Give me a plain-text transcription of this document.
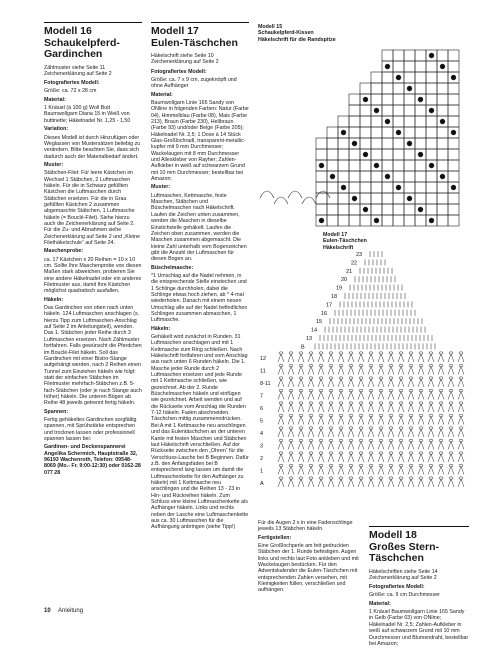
Modell 16
Schaukelpferd-Gardinchen
Zählmuster siehe Seite 11
Zeichenerklärung auf Seite 2

Fotografiertes Modell:

Größe: ca. 72 x 28 cm

Material:

1 Knäuel (à 100 g) Woll Butt Baumwollgarn Diana 15 in Weiß von buttinette; Häkelnadel Nr. 1,25 - 1,50

Variation:

Dieses Modell ist durch Hinzufügen oder Weglassen von Mustersätzen beliebig zu verändern. Bitte beachten Sie, dass sich dadurch auch der Materialbedarf ändert.

Muster:

Stäbchen-Filet: Für leere Kästchen im Wechsel 1 Stäbchen, 2 Luftmaschen häkeln. Für die in Schwarz gefüllten Kästchen die Luftmaschen durch Stäbchen ersetzen. Für die in Grau gefüllten Kästchen 2 zusammen abgemaschte Stäbchen, 1 Luftmasche häkeln (= Bouclé-Filet). Siehe hierzu auch die Zeichenerklärung auf Seite 2. Für die Zu- und Abnahmen siehe Zeichenerklärung auf Seite 2 und „Kleine Filethäkelschule“ auf Seite 24.

Maschenprobe:

ca. 17 Kästchen x 20 Reihen = 10 x 10 cm. Sollte Ihre Maschenprobe von diesen Maßen stark abweichen, probieren Sie eine andere Häkelnadel oder ein anderes Filetmuster aus, damit Ihre Kästchen möglichst quadratisch ausfallen.

Häkeln:

Das Gardinchen von oben nach unten häkeln. 124 Luftmaschen anschlagen (s. hierzu Tipp zum Luftmaschen-Anschlag auf Seite 2 im Anleitungsteil), wenden. Das 1. Stäbchen jeder Reihe durch 3 Luftmaschen ersetzen. Nach Zählmuster fortfahren. Falls gewünscht die Pferdchen im Bouclé-Filet häkeln. Soll das Gardinchen mit einer Bistro-Stange aufgehängt werden, nach 2 Reihen einen Tunnel zum Einziehen häkeln wie folgt: statt der einfachen Stäbchen im Filetmuster mehrfach-Stäbchen z.B. 5-fach-Stäbchen (oder je nach Stange auch höher) häkeln. Die unteren Bögen ab Reihe 48 jeweils getrennt fertig häkeln.

Spannen:

Fertig gehäkeltes Gardinchen sorgfältig spannen, mit Sprühstärke entsprechen und trocknen lassen oder professionell spannen lassen bei:

Gardinen- und Deckenspannerei Angelika Schermich, Hauptstraße 32, 96193 Wachenroth, Telefon: 09548-8069 (Mo.- Fr. 9:00-12:30) oder 0162-28 077 28

Modell 17
Eulen-Täschchen
Häkelschrift siehe Seite 10
Zeichenerklärung auf Seite 2

Fotografiertes Modell:

Größe: ca. 7 x 9 cm, zugeknöpft und ohne Aufhänger

Material:

Baumwollgarn Linie 165 Sandy von ONline in folgenden Farben: Natur (Farbe 04), Himmelblau (Farbe 08), Mais (Farbe 213), Braun (Farbe 230), Hellbraun (Farbe 93) und/oder Beige (Farbe 205); Häkelnadel Nr. 2,5; 1 Dose à 14 Stück Glas-Großlochradl, transparent-metallic-kupfer mit 9 mm Durchmesser; Wackelaugen mit 8 mm Durchmesser und Alleskleber von Rayher; Zahlen-Aufkleber in weiß auf schwarzem Grund mit 10 mm Durchmesser; bestellbar bei Amazon;

Muster:

Luftmaschen, Kettmasche, feste Maschen, Stäbchen und Büschelmaschen nach Häkelschrift. Laufen die Zeichen unten zusammen, werden die Maschen in dieselbe Einstichstelle gehäkelt. Laufen die Zeichen oben zusammen, werden die Maschen zusammen abgemascht. Die kleine Zahl unterhalb vom Bogenzeichen gibt die Anzahl der Luftmaschen für diesen Bogen an.

Büschelmasche:

*1 Umschlag auf die Nadel nehmen, in die entsprechende Stelle einstechen und 1 Schlinge durchholen, dabei die Schlinge etwas hoch ziehen, ab * 4-mal wiederholen. Danach mit einem neuen Umschlag alle auf der Nadel befindlichen Schlingen zusammen abmaschen, 1 Luftmasche.

Häkeln:

Gehäkelt wird zunächst in Runden. 31 Luftmaschen anschlagen und mit 1 Kettmasche zum Ring schließen. Nach Häkelschrift fortfahren und vom Anschlag aus nach unten 6 Runden häkeln. Die 1. Masche jeder Runde durch 2 Luftmaschen ersetzen und jede Runde mit 1 Kettmasche schließen, wie gezeichnet. Ab der 2. Runde Büschelmaschen häkeln und einfügen wie gezeichnet. Arbeit wenden und auf die Rückseite vom Anschlag die Runden 7-12 häkeln. Faden abschneiden. Täschchen mittig zusammenndrücken. Bei A mit 1 Kettmasche neu anschlingen und das Eulentäschchen an der unteren Kante mit festen Maschen und Stäbchen laut Häkelschrift verschließen. Auf der Rückseite zwischen den „Ohren“ für die Verschluss-Lasche bei B Beginnen. Dafür z.B. den Anfangsfaden bei B entsprechend lang lassen um damit die Luftmaschenkette für den Aufhänger zu häkeln) mit 1 Kettmasche neu anschlingen und die Reihen 13 - 23 in Hin- und Rückreihen häkeln. Zum Schluss eine kleine Luftmaschenkette als Aufhänger häkeln. Links und rechts neben der Lasche eine Luftmaschenkette aus ca. 30 Luftmaschen für die Aufhängung anbringen (siehe Tipp!)

Modell 15
Schaukelpferd-Kissen
Häkelschrift für die Randspitze
Modell 17
Eulen-Täschchen
Häkelschrift
23
22
21
20
19
18
17
16
15
14
13
B
12
11
8-11
7
6
5
4
3
2
1
A

Für die Augen 2 x in eine Fadenschlinge jeweils 13 Stäbchen häkeln.

Fertigstellen:

Eine Großlochperle am fett gedruckten Stäbchen der 1. Runde befestigen. Augen links und rechts laut Foto ankleben und mit Wackelaugen bestücken. Für den Adventskalender die Eulen-Täschchen mit entsprechenden Zahlen versehen, mit Kleinigkeiten füllen, verschließen und aufhängen.

Modell 18
Großes Stern-Täschchen
Häkelschriften siehe Seite 14
Zeichenerklärung auf Seite 2

Fotografiertes Modell:

Größe: ca. 9 cm Durchmesser

Material:

1 Knäuel Baumwollgarn Linie 165 Sandy in Gelb (Farbe 03) von ONline; Häkelnadel Nr. 2,5; Zahlen-Aufkleber in weiß auf schwarzem Grund mit 10 mm Durchmesser und Blumendraht, bestellbar bei Amazon;

10 Anleitung
